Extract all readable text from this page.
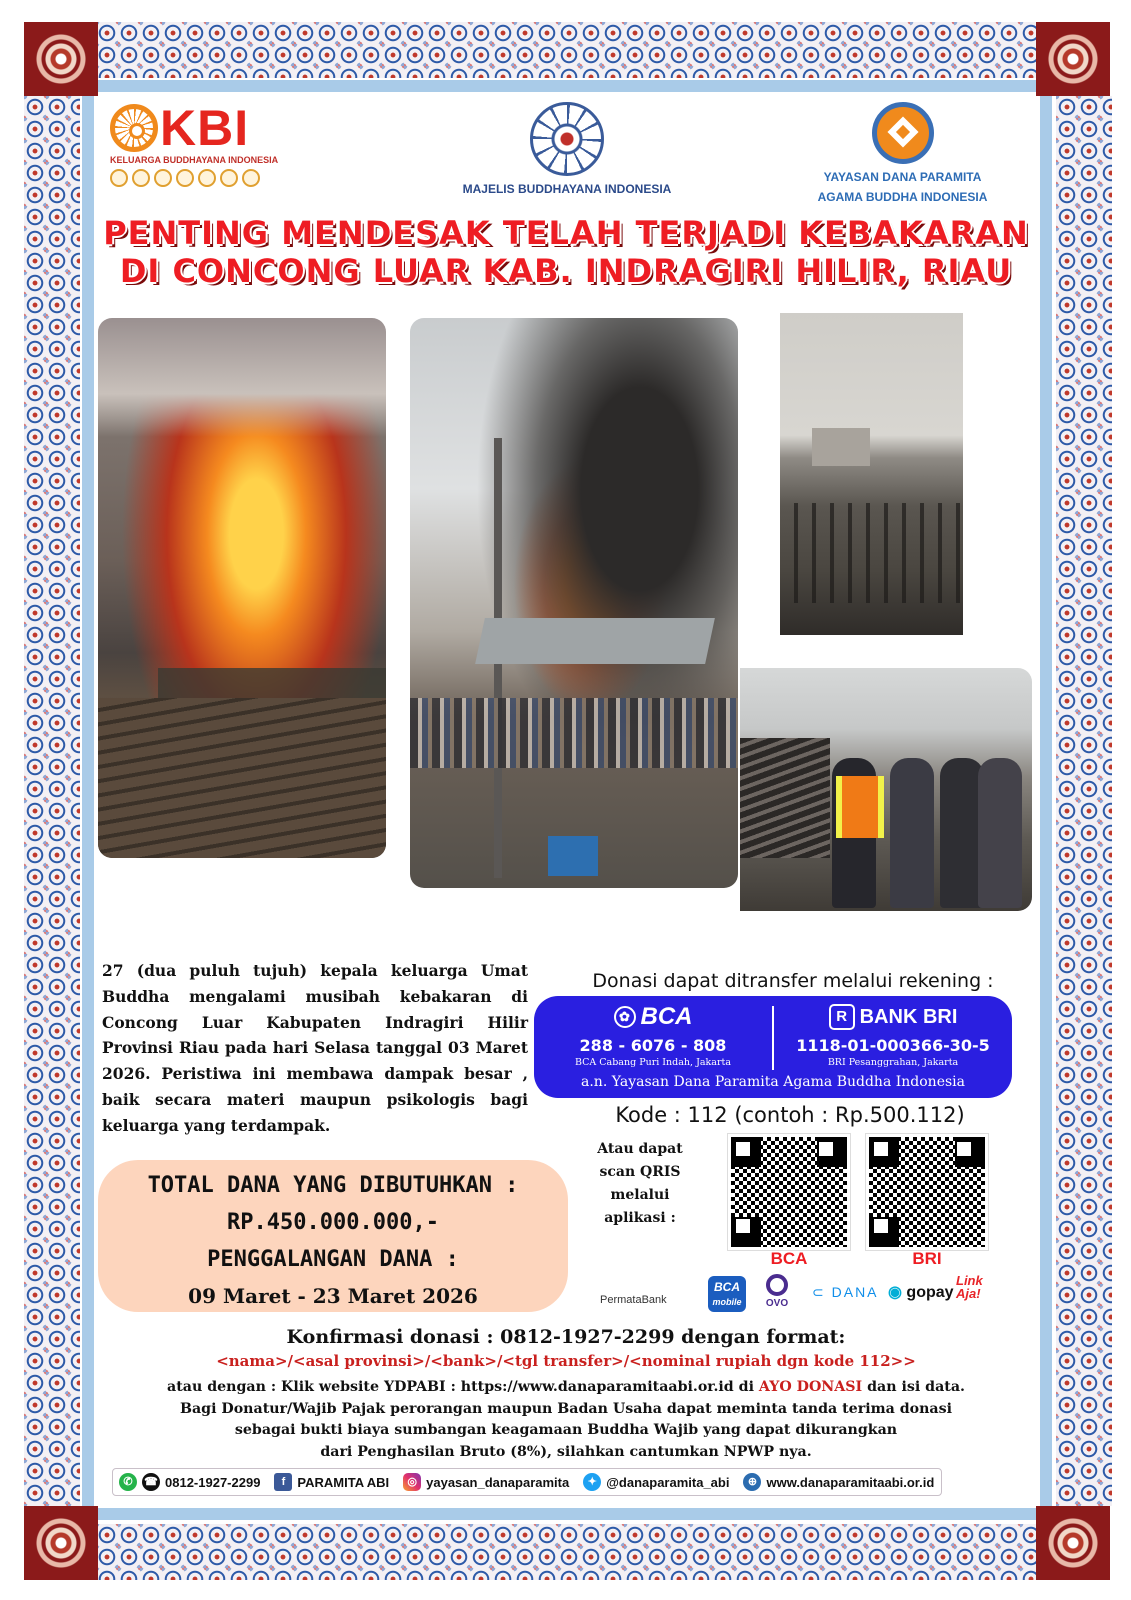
KBI
KELUARGA BUDDHAYANA INDONESIA
MAJELIS BUDDHAYANA INDONESIA
YAYASAN DANA PARAMITA
AGAMA BUDDHA INDONESIA
PENTING MENDESAK TELAH TERJADI KEBAKARAN
DI CONCONG LUAR KAB. INDRAGIRI HILIR, RIAU
27 (dua puluh tujuh) kepala keluarga Umat Buddha mengalami musibah kebakaran di Concong Luar Kabupaten Indragiri Hilir Provinsi Riau pada hari Selasa tanggal 03 Maret 2026. Peristiwa ini membawa dampak besar , baik secara materi maupun psikologis bagi keluarga yang terdampak.
Donasi dapat ditransfer melalui rekening :
✿ BCA
288 - 6076 - 808
BCA Cabang Puri Indah, Jakarta
R BANK BRI
1118-01-000366-30-5
BRI Pesanggrahan, Jakarta
a.n. Yayasan Dana Paramita Agama Buddha Indonesia
Kode : 112 (contoh : Rp.500.112)
Atau dapat
scan QRIS
melalui
aplikasi :
BCA	BRI
PermataBank
BCA
mobile	OVO
⊂ DANA ◉ gopay
Link
Aja!
TOTAL DANA YANG DIBUTUHKAN :
RP.450.000.000,-
PENGGALANGAN DANA :
09 Maret - 23 Maret 2026
Konfirmasi donasi : 0812-1927-2299 dengan format:
<nama>/<asal provinsi>/<bank>/<tgl transfer>/<nominal rupiah dgn kode 112>>
atau dengan : Klik website YDPABI : https://www.danaparamitaabi.or.id di AYO DONASI dan isi data.
Bagi Donatur/Wajib Pajak perorangan maupun Badan Usaha dapat meminta tanda terima donasi
sebagai bukti biaya sumbangan keagamaan Buddha Wajib yang dapat dikurangkan
dari Penghasilan Bruto (8%), silahkan cantumkan NPWP nya.
✆	☎ 0812-1927-2299	f PARAMITA ABI	◎ yayasan_danaparamita	✦ @danaparamita_abi	⊕ www.danaparamitaabi.or.id
